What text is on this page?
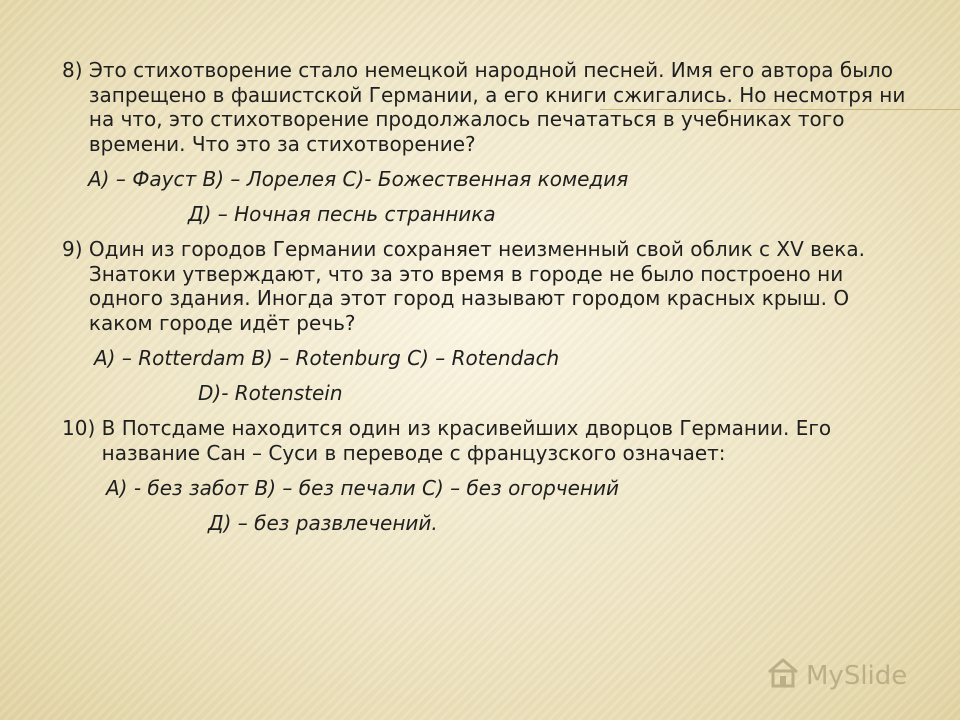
8)
Это стихотворение стало немецкой народной песней. Имя его автора было запрещено в фашистской Германии, а его книги сжигались. Но несмотря ни на что, это стихотворение продолжалось печататься в учебниках того времени. Что это за стихотворение?

А) – Фауст В) – Лорелея С)- Божественная комедия

Д) – Ночная песнь странника

9)
Один из городов Германии сохраняет неизменный свой облик с XV века. Знатоки утверждают, что за это время в городе не было построено ни одного здания. Иногда этот город называют городом красных крыш. О каком городе идёт речь?

A) – Rotterdam B) – Rotenburg C) – Rotendach

D)- Rotenstein

10)
В Потсдаме находится один из красивейших дворцов Германии. Его название Сан – Суси в переводе с французского означает:

А) - без забот В) – без печали С) – без огорчений

Д) – без развлечений.

MySlide
